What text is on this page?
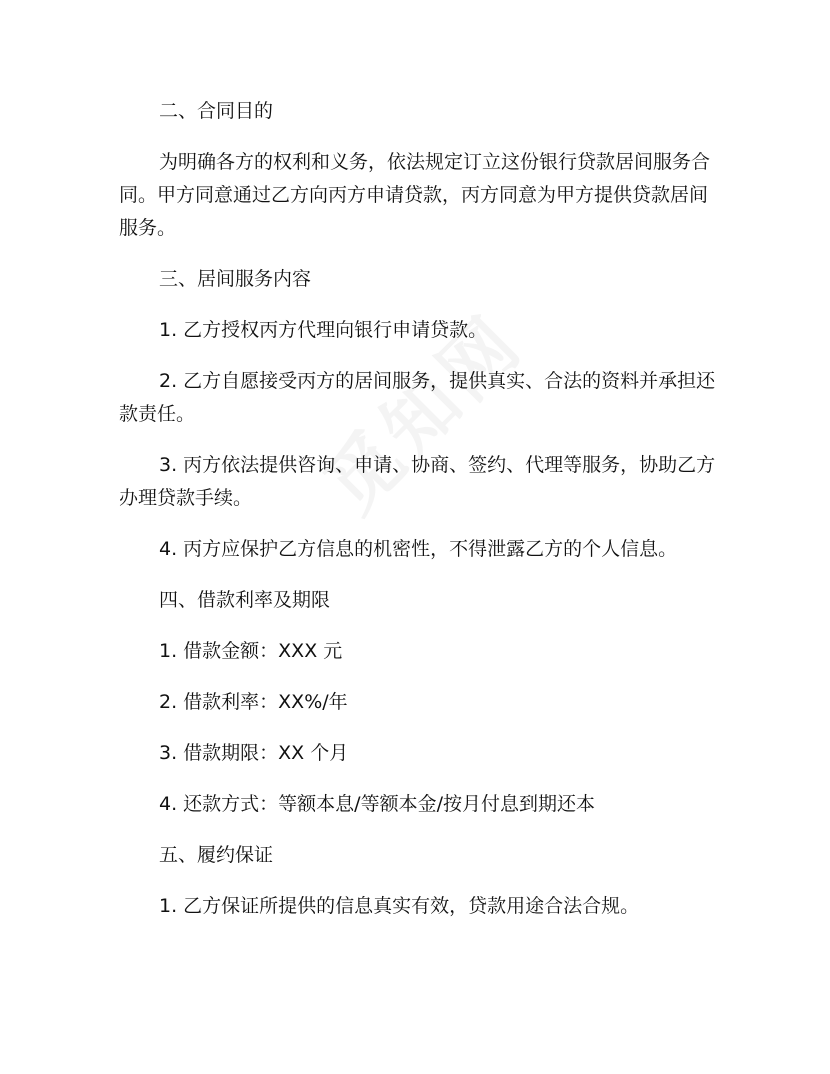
二、合同目的

为明确各方的权利和义务，依法规定订立这份银行贷款居间服务合同。甲方同意通过乙方向丙方申请贷款，丙方同意为甲方提供贷款居间服务。

三、居间服务内容

1. 乙方授权丙方代理向银行申请贷款。

2. 乙方自愿接受丙方的居间服务，提供真实、合法的资料并承担还款责任。

3. 丙方依法提供咨询、申请、协商、签约、代理等服务，协助乙方办理贷款手续。

4. 丙方应保护乙方信息的机密性，不得泄露乙方的个人信息。

四、借款利率及期限

1. 借款金额：XXX 元

2. 借款利率：XX%/年

3. 借款期限：XX 个月

4. 还款方式：等额本息/等额本金/按月付息到期还本

五、履约保证

1. 乙方保证所提供的信息真实有效，贷款用途合法合规。
